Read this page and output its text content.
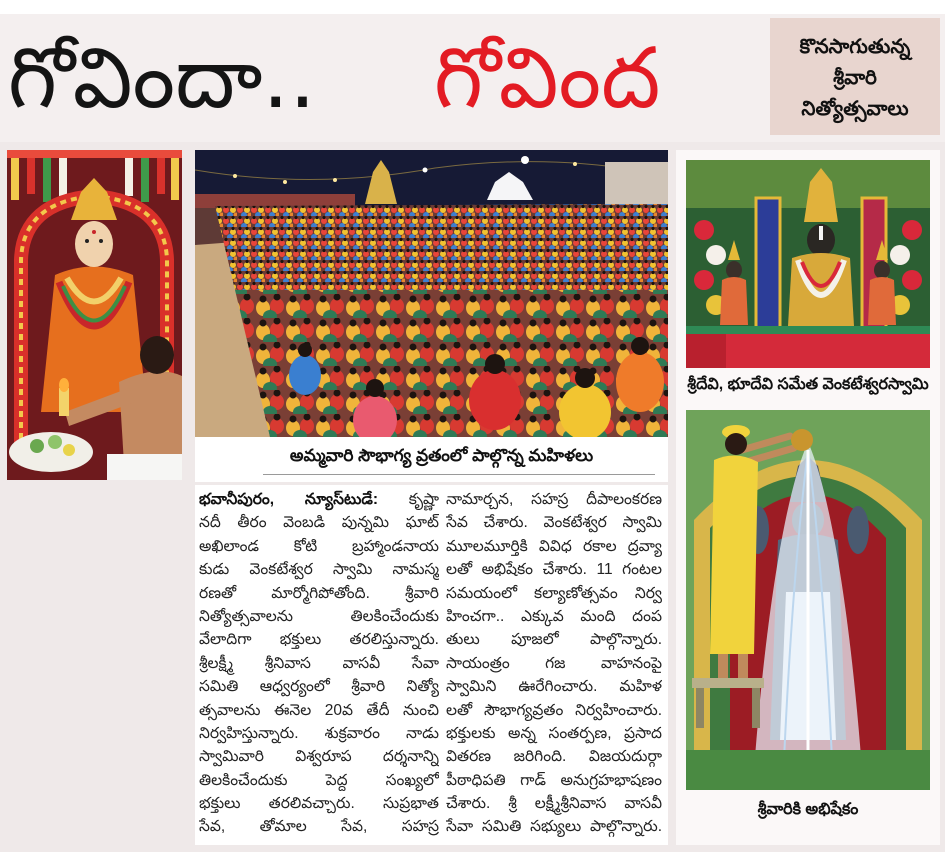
గోవిందా..	గోవింద	కొనసాగుతున్న
శ్రీవారి
నిత్యోత్సవాలు
అమ్మవారి సౌభాగ్య వ్రతంలో పాల్గొన్న మహిళలు
శ్రీదేవి, భూదేవి సమేత వెంకటేశ్వరస్వామి
శ్రీవారికి అభిషేకం
భవానీపురం, న్యూస్‌టుడే: కృష్ణా
నదీ తీరం వెంబడి పున్నమి ఘాట్
అఖిలాండ కోటి బ్రహ్మాండనాయ
కుడు వెంకటేశ్వర స్వామి నామస్మ
రణతో మార్మోగిపోతోంది. శ్రీవారి
నిత్యోత్సవాలను తిలకించేందుకు
వేలాదిగా భక్తులు తరలిస్తున్నారు.
శ్రీలక్ష్మీ శ్రీనివాస వాసవీ సేవా
సమితి ఆధ్వర్యంలో శ్రీవారి నిత్యో
త్సవాలను ఈనెల 20వ తేదీ నుంచి
నిర్వహిస్తున్నారు. శుక్రవారం నాడు
స్వామివారి విశ్వరూప దర్శనాన్ని
తిలకించేందుకు పెద్ద సంఖ్యలో
భక్తులు తరలివచ్చారు. సుప్రభాత
సేవ, తోమాల సేవ, సహస్ర
నామార్చన, సహస్ర దీపాలంకరణ
సేవ చేశారు. వెంకటేశ్వర స్వామి
మూలమూర్తికి వివిధ రకాల ద్రవ్యా
లతో అభిషేకం చేశారు. 11 గంటల
సమయంలో కల్యాణోత్సవం నిర్వ
హించగా.. ఎక్కువ మంది దంప
తులు పూజలో పాల్గొన్నారు.
సాయంత్రం గజ వాహనంపై
స్వామిని ఊరేగించారు. మహిళ
లతో సౌభాగ్యవ్రతం నిర్వహించారు.
భక్తులకు అన్న సంతర్పణ, ప్రసాద
వితరణ జరిగింది. విజయదుర్గా
పీఠాధిపతి గాడ్ అనుగ్రహభాషణం
చేశారు. శ్రీ లక్ష్మీశ్రీనివాస వాసవీ
సేవా సమితి సభ్యులు పాల్గొన్నారు.
